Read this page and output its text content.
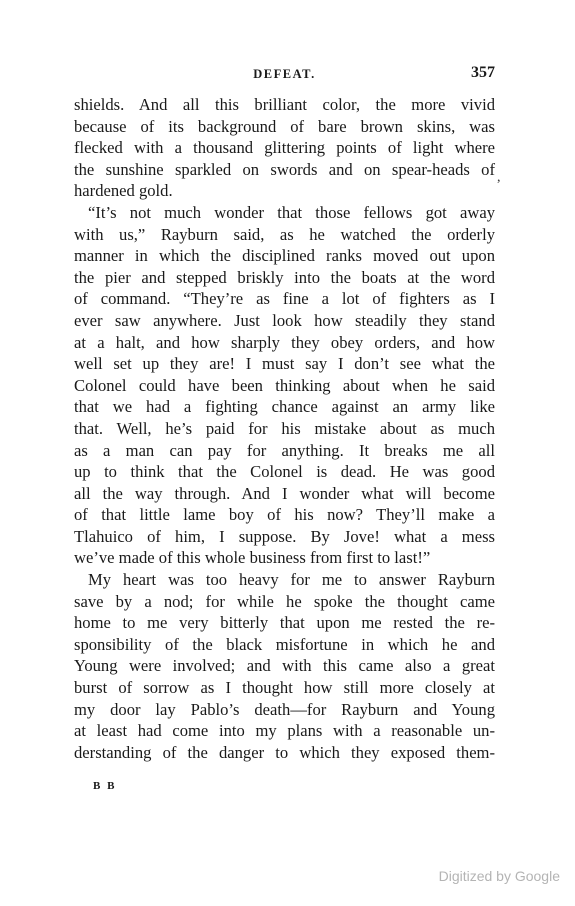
DEFEAT.	357
shields. And all this brilliant color, the more vivid
because of its background of bare brown skins, was
flecked with a thousand glittering points of light where
the sunshine sparkled on swords and on spear-heads of
hardened gold.
“It’s not much wonder that those fellows got away
with us,” Rayburn said, as he watched the orderly
manner in which the disciplined ranks moved out upon
the pier and stepped briskly into the boats at the word
of command. “They’re as fine a lot of fighters as I
ever saw anywhere. Just look how steadily they stand
at a halt, and how sharply they obey orders, and how
well set up they are! I must say I don’t see what the
Colonel could have been thinking about when he said
that we had a fighting chance against an army like
that. Well, he’s paid for his mistake about as much
as a man can pay for anything. It breaks me all
up to think that the Colonel is dead. He was good
all the way through. And I wonder what will become
of that little lame boy of his now? They’ll make a
Tlahuico of him, I suppose. By Jove! what a mess
we’ve made of this whole business from first to last!”
My heart was too heavy for me to answer Rayburn
save by a nod; for while he spoke the thought came
home to me very bitterly that upon me rested the re-
sponsibility of the black misfortune in which he and
Young were involved; and with this came also a great
burst of sorrow as I thought how still more closely at
my door lay Pablo’s death—for Rayburn and Young
at least had come into my plans with a reasonable un-
derstanding of the danger to which they exposed them-
,
B B
Digitized by Google
